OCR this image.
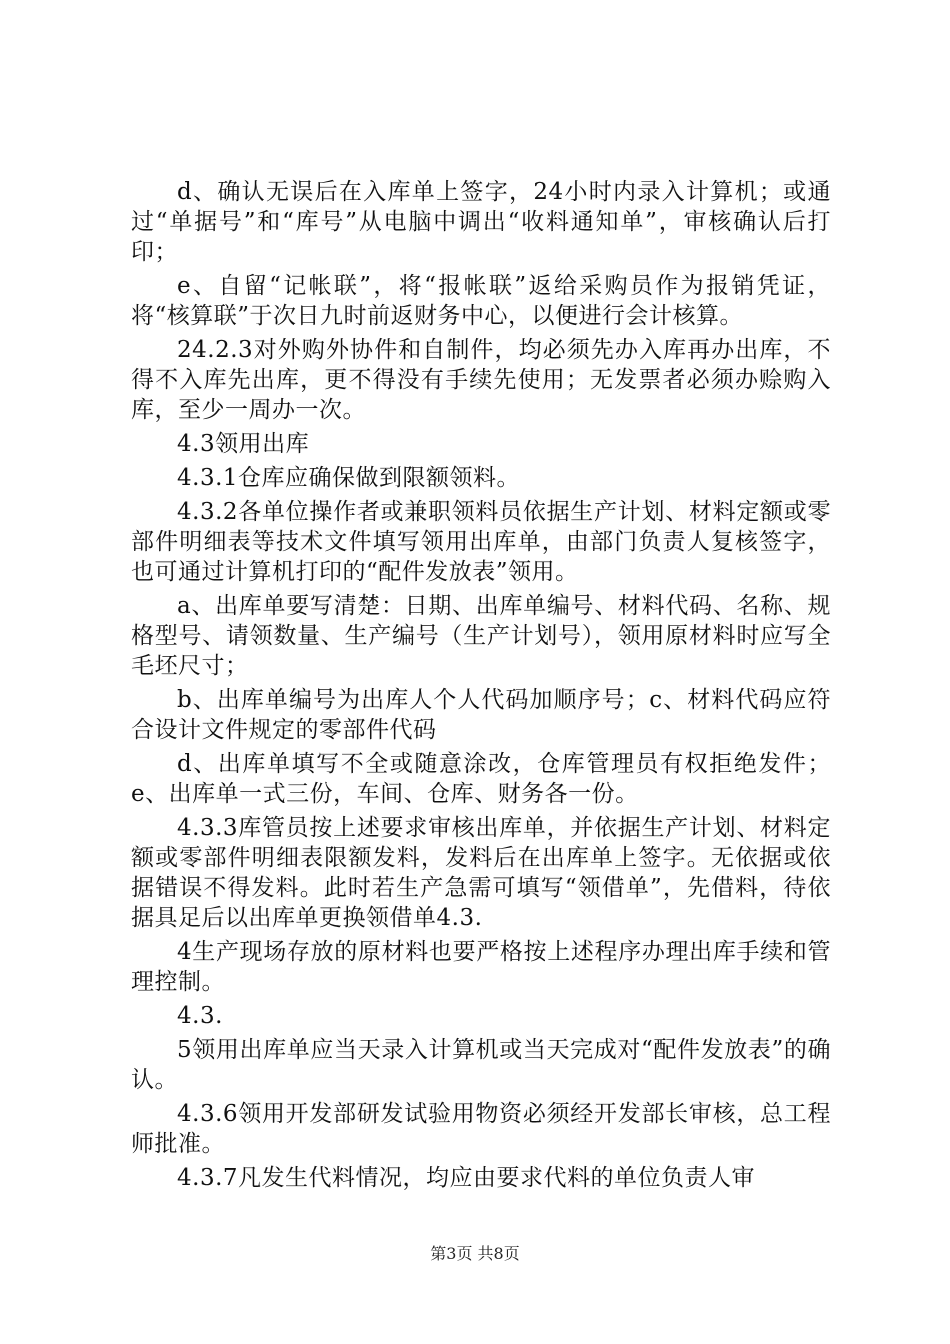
d、确认无误后在入库单上签字，24小时内录入计算机；或通过“单据号”和“库号”从电脑中调出“收料通知单”，审核确认后打印；

e、自留“记帐联”，将“报帐联”返给采购员作为报销凭证，将“核算联”于次日九时前返财务中心，以便进行会计核算。

24.2.3对外购外协件和自制件，均必须先办入库再办出库，不得不入库先出库，更不得没有手续先使用；无发票者必须办赊购入库，至少一周办一次。

4.3领用出库

4.3.1仓库应确保做到限额领料。

4.3.2各单位操作者或兼职领料员依据生产计划、材料定额或零部件明细表等技术文件填写领用出库单，由部门负责人复核签字，也可通过计算机打印的“配件发放表”领用。

a、出库单要写清楚：日期、出库单编号、材料代码、名称、规格型号、请领数量、生产编号（生产计划号），领用原材料时应写全毛坯尺寸；

b、出库单编号为出库人个人代码加顺序号；c、材料代码应符合设计文件规定的零部件代码

d、出库单填写不全或随意涂改，仓库管理员有权拒绝发件；e、出库单一式三份，车间、仓库、财务各一份。

4.3.3库管员按上述要求审核出库单，并依据生产计划、材料定额或零部件明细表限额发料，发料后在出库单上签字。无依据或依据错误不得发料。此时若生产急需可填写“领借单”，先借料，待依据具足后以出库单更换领借单4.3.

4生产现场存放的原材料也要严格按上述程序办理出库手续和管理控制。

4.3.

5领用出库单应当天录入计算机或当天完成对“配件发放表”的确认。

4.3.6领用开发部研发试验用物资必须经开发部长审核，总工程师批准。

4.3.7凡发生代料情况，均应由要求代料的单位负责人审

第3页 共8页
